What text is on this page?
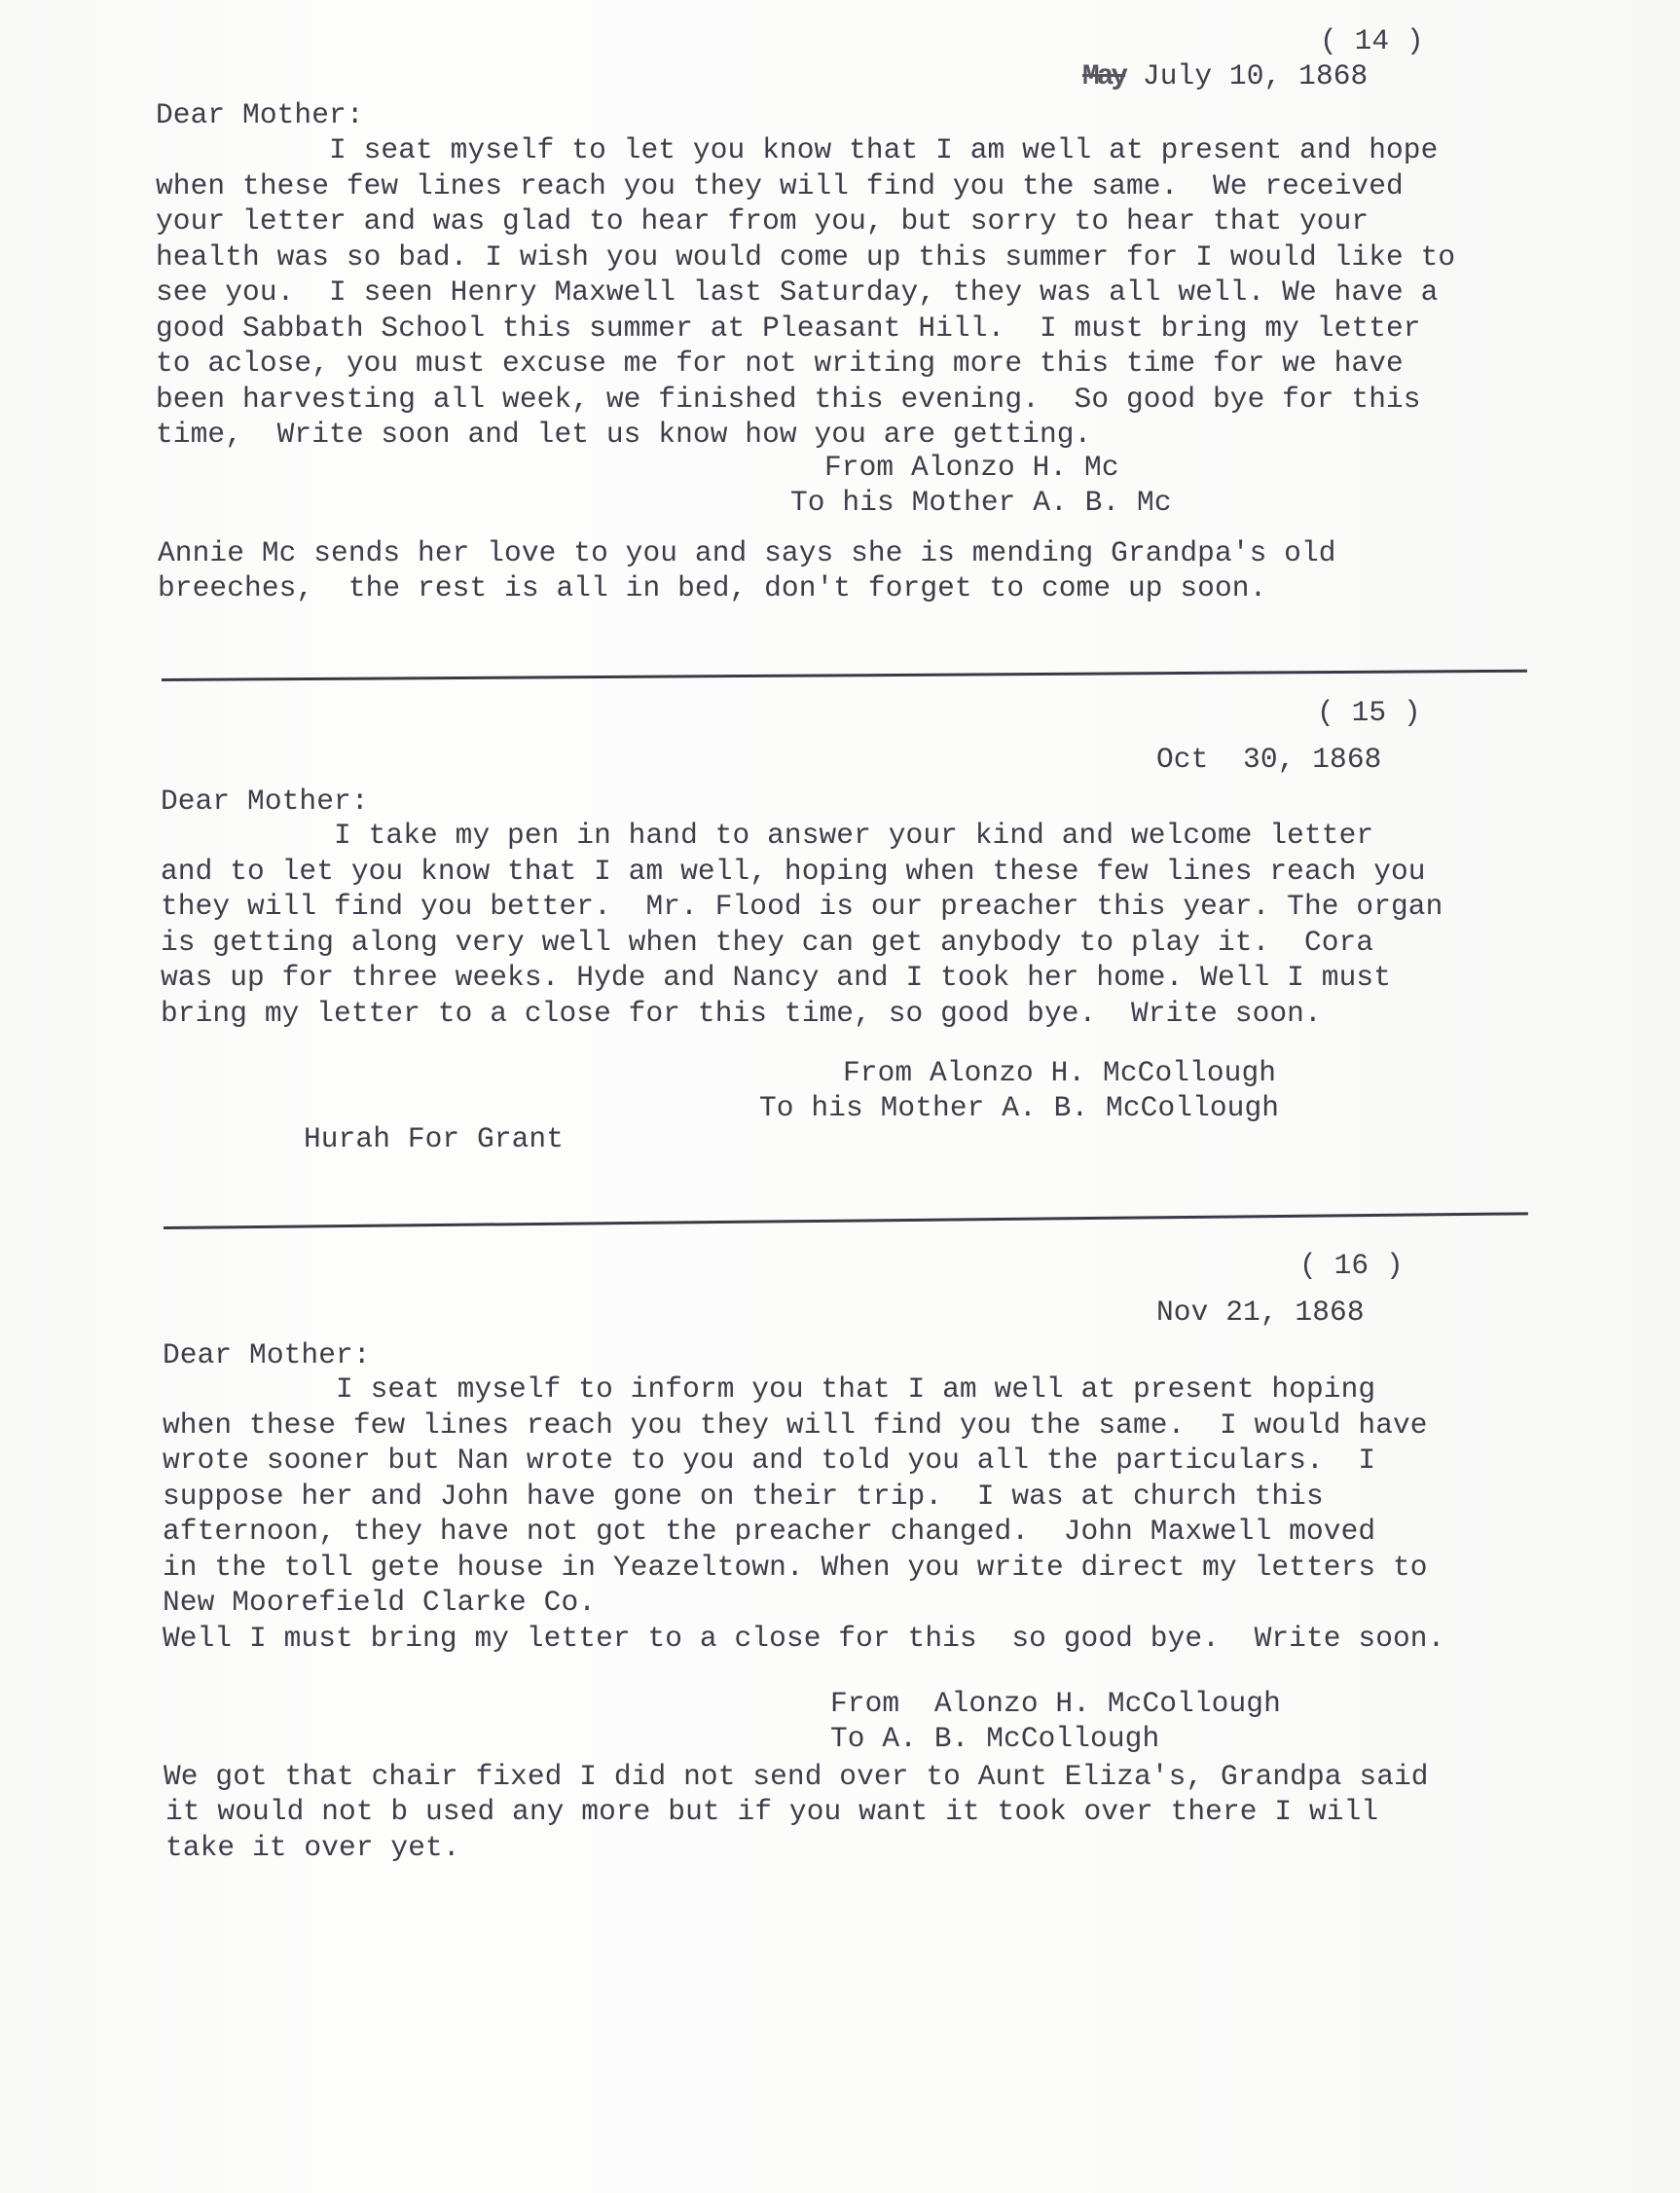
( 14 )
May July 10, 1868
Dear Mother:
I seat myself to let you know that I am well at present and hope
when these few lines reach you they will find you the same.  We received
your letter and was glad to hear from you, but sorry to hear that your
health was so bad. I wish you would come up this summer for I would like to
see you.  I seen Henry Maxwell last Saturday, they was all well. We have a
good Sabbath School this summer at Pleasant Hill.  I must bring my letter
to aclose, you must excuse me for not writing more this time for we have
been harvesting all week, we finished this evening.  So good bye for this
time,  Write soon and let us know how you are getting.
From Alonzo H. Mc
To his Mother A. B. Mc
Annie Mc sends her love to you and says she is mending Grandpa's old
breeches,  the rest is all in bed, don't forget to come up soon.
( 15 )
Oct  30, 1868
Dear Mother:
I take my pen in hand to answer your kind and welcome letter
and to let you know that I am well, hoping when these few lines reach you
they will find you better.  Mr. Flood is our preacher this year. The organ
is getting along very well when they can get anybody to play it.  Cora
was up for three weeks. Hyde and Nancy and I took her home. Well I must
bring my letter to a close for this time, so good bye.  Write soon.
From Alonzo H. McCollough
To his Mother A. B. McCollough
Hurah For Grant
( 16 )
Nov 21, 1868
Dear Mother:
I seat myself to inform you that I am well at present hoping
when these few lines reach you they will find you the same.  I would have
wrote sooner but Nan wrote to you and told you all the particulars.  I
suppose her and John have gone on their trip.  I was at church this
afternoon, they have not got the preacher changed.  John Maxwell moved
in the toll gete house in Yeazeltown. When you write direct my letters to
New Moorefield Clarke Co.
Well I must bring my letter to a close for this  so good bye.  Write soon.
From  Alonzo H. McCollough
To A. B. McCollough
We got that chair fixed I did not send over to Aunt Eliza's, Grandpa said
it would not b used any more but if you want it took over there I will
take it over yet.
